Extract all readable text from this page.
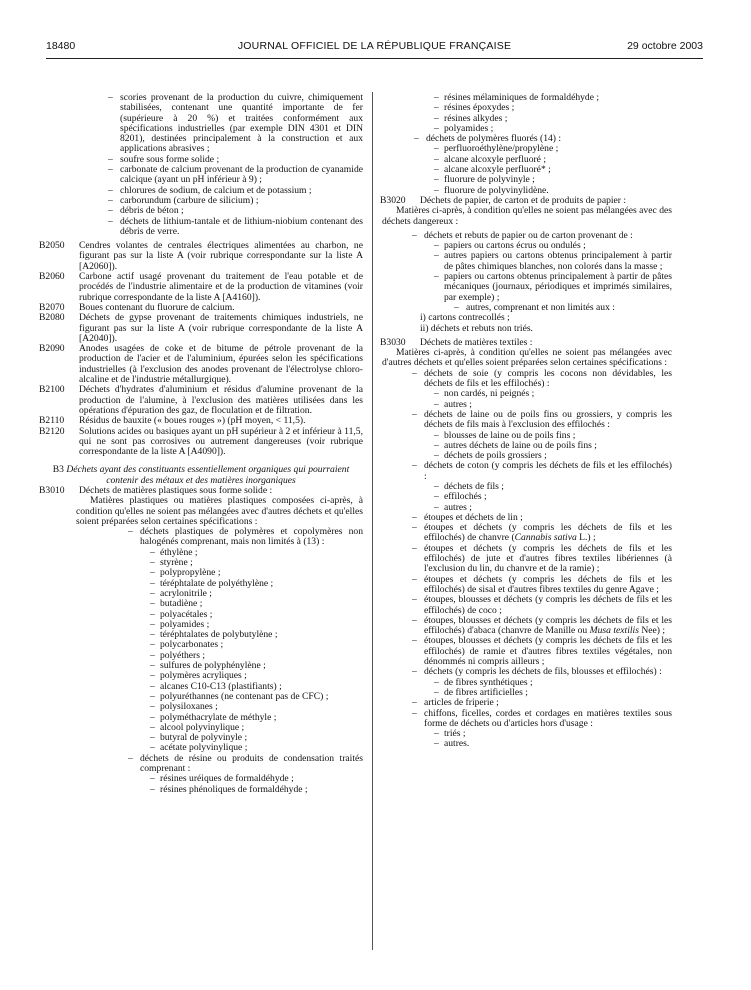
18480	JOURNAL OFFICIEL DE LA RÉPUBLIQUE FRANÇAISE	29 octobre 2003
– scories provenant de la production du cuivre, chimiquement stabilisées, contenant une quantité importante de fer (supérieure à 20 %) et traitées conformément aux spécifications industrielles (par exemple DIN 4301 et DIN 8201), destinées principalement à la construction et aux applications abrasives ;
– soufre sous forme solide ;
– carbonate de calcium provenant de la production de cyanamide calcique (ayant un pH inférieur à 9) ;
– chlorures de sodium, de calcium et de potassium ;
– carborundum (carbure de silicium) ;
– débris de béton ;
– déchets de lithium-tantale et de lithium-niobium contenant des débris de verre.
B2050 Cendres volantes de centrales électriques alimentées au charbon, ne figurant pas sur la liste A (voir rubrique correspondante sur la liste A [A2060]).
B2060 Carbone actif usagé provenant du traitement de l'eau potable et de procédés de l'industrie alimentaire et de la production de vitamines (voir rubrique correspondante de la liste A [A4160]).
B2070 Boues contenant du fluorure de calcium.
B2080 Déchets de gypse provenant de traitements chimiques industriels, ne figurant pas sur la liste A (voir rubrique correspondante de la liste A [A2040]).
B2090 Anodes usagées de coke et de bitume de pétrole provenant de la production de l'acier et de l'aluminium, épurées selon les spécifications industrielles (à l'exclusion des anodes provenant de l'électrolyse chloro-alcaline et de l'industrie métallurgique).
B2100 Déchets d'hydrates d'aluminium et résidus d'alumine provenant de la production de l'alumine, à l'exclusion des matières utilisées dans les opérations d'épuration des gaz, de floculation et de filtration.
B2110 Résidus de bauxite (« boues rouges ») (pH moyen, < 11,5).
B2120 Solutions acides ou basiques ayant un pH supérieur à 2 et inférieur à 11,5, qui ne sont pas corrosives ou autrement dangereuses (voir rubrique correspondante de la liste A [A4090]).
B3 Déchets ayant des constituants essentiellement organiques qui pourraient contenir des métaux et des matières inorganiques
B3010 Déchets de matières plastiques sous forme solide :
Matières plastiques ou matières plastiques composées ci-après, à condition qu'elles ne soient pas mélangées avec d'autres déchets et qu'elles soient préparées selon certaines spécifications :
– déchets plastiques de polymères et copolymères non halogénés comprenant, mais non limités à (13) :
– éthylène ;
– styrène ;
– polypropylène ;
– téréphtalate de polyéthylène ;
– acrylonitrile ;
– butadiène ;
– polyacétales ;
– polyamides ;
– téréphtalates de polybutylène ;
– polycarbonates ;
– polyéthers ;
– sulfures de polyphénylène ;
– polymères acryliques ;
– alcanes C10-C13 (plastifiants) ;
– polyuréthannes (ne contenant pas de CFC) ;
– polysiloxanes ;
– polyméthacrylate de méthyle ;
– alcool polyvinylique ;
– butyral de polyvinyle ;
– acétate polyvinylique ;
– déchets de résine ou produits de condensation traités comprenant :
– résines uréiques de formaldéhyde ;
– résines phénoliques de formaldéhyde ;
– résines mélaminiques de formaldéhyde ;
– résines époxydes ;
– résines alkydes ;
– polyamides ;
– déchets de polymères fluorés (14) :
– perfluoroéthylène/propylène ;
– alcane alcoxyle perfluoré ;
– alcane alcoxyle perfluoré* ;
– fluorure de polyvinyle ;
– fluorure de polyvinylidène.
B3020 Déchets de papier, de carton et de produits de papier :
Matières ci-après, à condition qu'elles ne soient pas mélangées avec des déchets dangereux :
– déchets et rebuts de papier ou de carton provenant de :
– papiers ou cartons écrus ou ondulés ;
– autres papiers ou cartons obtenus principalement à partir de pâtes chimiques blanches, non colorés dans la masse ;
– papiers ou cartons obtenus principalement à partir de pâtes mécaniques (journaux, périodiques et imprimés similaires, par exemple) ;
– autres, comprenant et non limités aux :
i) cartons contrecollés ;
ii) déchets et rebuts non triés.
B3030 Déchets de matières textiles :
Matières ci-après, à condition qu'elles ne soient pas mélangées avec d'autres déchets et qu'elles soient préparées selon certaines spécifications :
– déchets de soie (y compris les cocons non dévidables, les déchets de fils et les effilochés) :
– non cardés, ni peignés ;
– autres ;
– déchets de laine ou de poils fins ou grossiers, y compris les déchets de fils mais à l'exclusion des effilochés :
– blousses de laine ou de poils fins ;
– autres déchets de laine ou de poils fins ;
– déchets de poils grossiers ;
– déchets de coton (y compris les déchets de fils et les effilochés) :
– déchets de fils ;
– effilochés ;
– autres ;
– étoupes et déchets de lin ;
– étoupes et déchets (y compris les déchets de fils et les effilochés) de chanvre (Cannabis sativa L.) ;
– étoupes et déchets (y compris les déchets de fils et les effilochés) de jute et d'autres fibres textiles libériennes (à l'exclusion du lin, du chanvre et de la ramie) ;
– étoupes et déchets (y compris les déchets de fils et les effilochés) de sisal et d'autres fibres textiles du genre Agave ;
– étoupes, blousses et déchets (y compris les déchets de fils et les effilochés) de coco ;
– étoupes, blousses et déchets (y compris les déchets de fils et les effilochés) d'abaca (chanvre de Manille ou Musa textilis Nee) ;
– étoupes, blousses et déchets (y compris les déchets de fils et les effilochés) de ramie et d'autres fibres textiles végétales, non dénommés ni compris ailleurs ;
– déchets (y compris les déchets de fils, blousses et effilochés) :
– de fibres synthétiques ;
– de fibres artificielles ;
– articles de friperie ;
– chiffons, ficelles, cordes et cordages en matières textiles sous forme de déchets ou d'articles hors d'usage :
– triés ;
– autres.
